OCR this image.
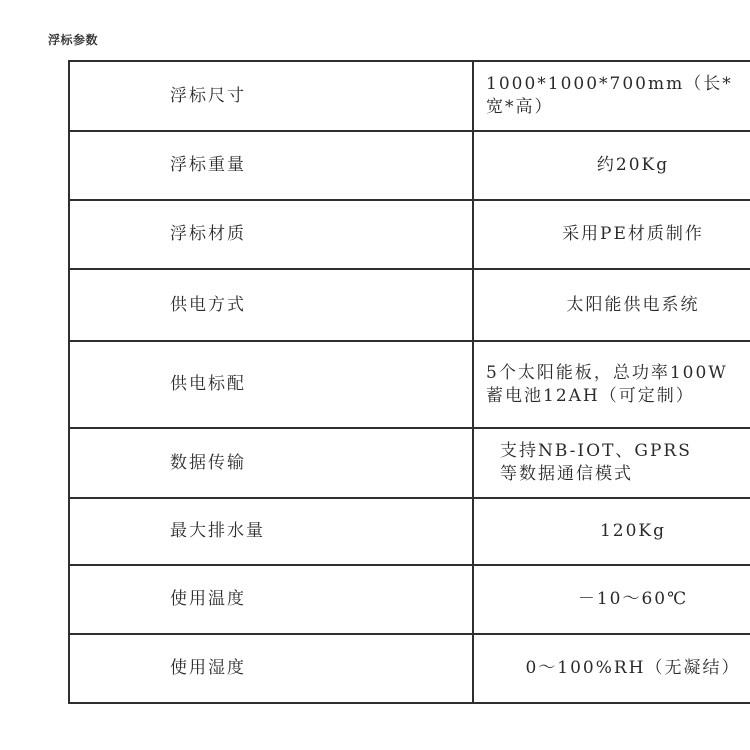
浮标参数
浮标尺寸	1000*1000*700mm（长*
宽*高）

浮标重量	约20Kg

浮标材质	采用PE材质制作

供电方式	太阳能供电系统

供电标配	5个太阳能板，总功率100W
蓄电池12AH（可定制）

数据传输	支持NB-IOT、GPRS
等数据通信模式

最大排水量	120Kg

使用温度	－10～60℃

使用湿度	0～100%RH（无凝结）
